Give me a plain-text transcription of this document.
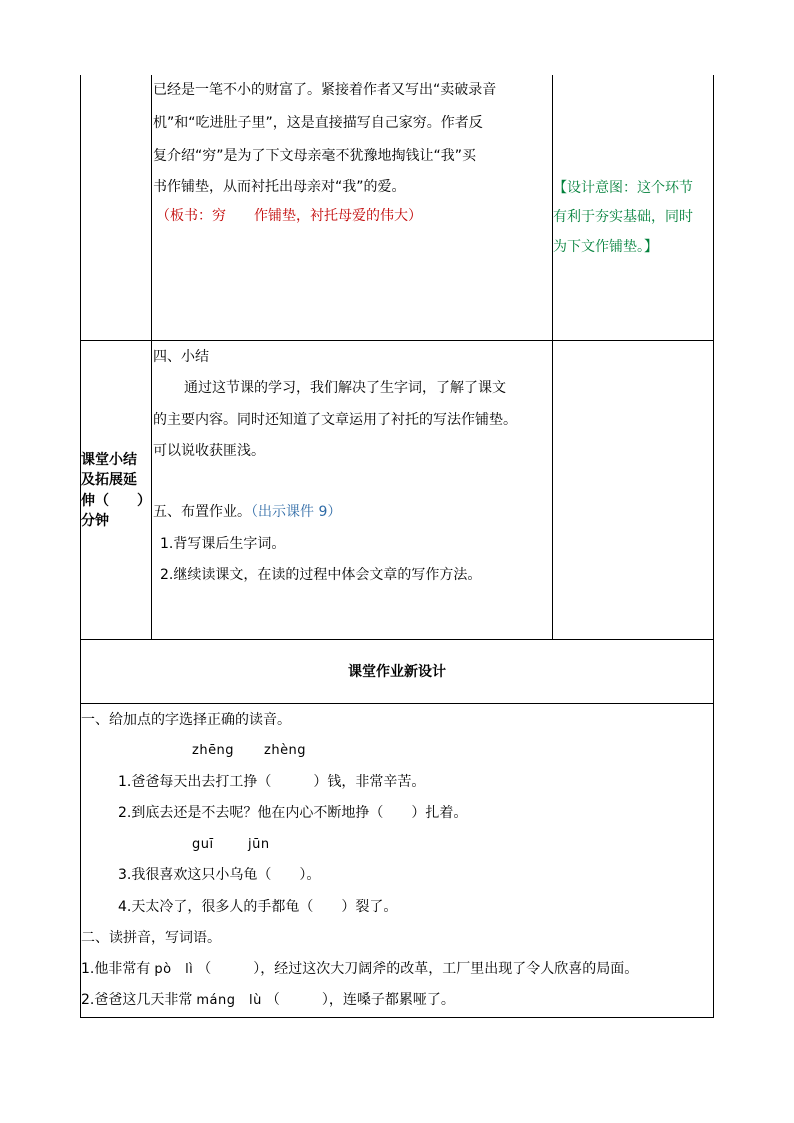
已经是一笔不小的财富了。紧接着作者又写出“卖破录音
机”和“吃进肚子里”，这是直接描写自己家穷。作者反
复介绍“穷”是为了下文母亲毫不犹豫地掏钱让“我”买
书作铺垫，从而衬托出母亲对“我”的爱。
（板书：穷　　作铺垫，衬托母爱的伟大）
【设计意图：这个环节
有利于夯实基础，同时
为下文作铺垫。】
课堂小结
及拓展延
伸（　　）
分钟
四、小结
通过这节课的学习，我们解决了生字词，了解了课文
的主要内容。同时还知道了文章运用了衬托的写法作铺垫。
可以说收获匪浅。
五、布置作业。（出示课件 9）
1.背写课后生字词。
2.继续读课文，在读的过程中体会文章的写作方法。
课堂作业新设计
一、给加点的字选择正确的读音。
zhēng zhèng
1.爸爸每天出去打工挣（　　　）钱，非常辛苦。
2.到底去还是不去呢？他在内心不断地挣（　　）扎着。
guī	jūn
3.我很喜欢这只小乌龟（　　）。
4.天太冷了，很多人的手都龟（　　）裂了。
二、读拼音，写词语。
1.他非常有 pò　lì （　　　），经过这次大刀阔斧的改革，工厂里出现了令人欣喜的局面。
2.爸爸这几天非常 máng　lù （　　　），连嗓子都累哑了。
